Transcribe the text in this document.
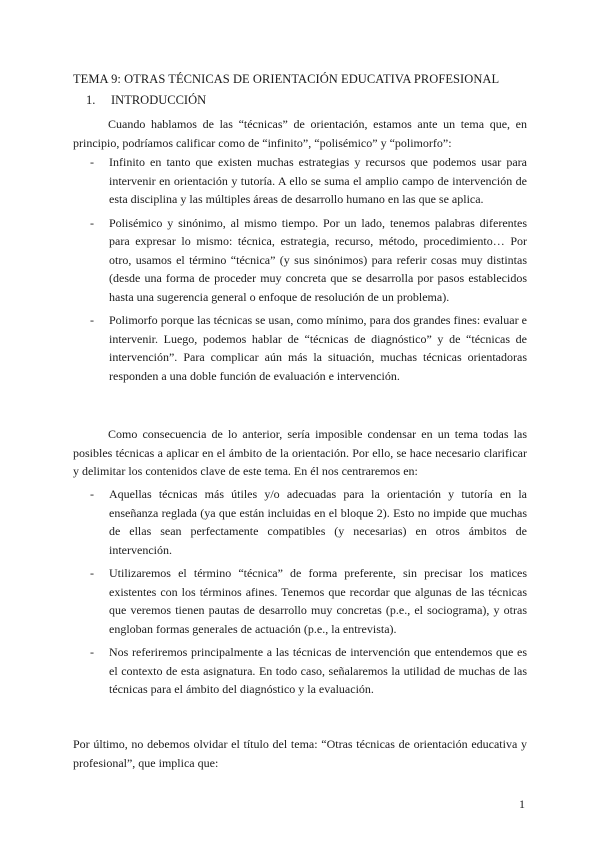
TEMA 9: OTRAS TÉCNICAS DE ORIENTACIÓN EDUCATIVA PROFESIONAL
1. INTRODUCCIÓN
Cuando hablamos de las “técnicas” de orientación, estamos ante un tema que, en principio, podríamos calificar como de “infinito”, “polisémico” y “polimorfo”:
- Infinito en tanto que existen muchas estrategias y recursos que podemos usar para intervenir en orientación y tutoría. A ello se suma el amplio campo de intervención de esta disciplina y las múltiples áreas de desarrollo humano en las que se aplica.
- Polisémico y sinónimo, al mismo tiempo. Por un lado, tenemos palabras diferentes para expresar lo mismo: técnica, estrategia, recurso, método, procedimiento… Por otro, usamos el término “técnica” (y sus sinónimos) para referir cosas muy distintas (desde una forma de proceder muy concreta que se desarrolla por pasos establecidos hasta una sugerencia general o enfoque de resolución de un problema).
- Polimorfo porque las técnicas se usan, como mínimo, para dos grandes fines: evaluar e intervenir. Luego, podemos hablar de “técnicas de diagnóstico” y de “técnicas de intervención”. Para complicar aún más la situación, muchas técnicas orientadoras responden a una doble función de evaluación e intervención.
Como consecuencia de lo anterior, sería imposible condensar en un tema todas las posibles técnicas a aplicar en el ámbito de la orientación. Por ello, se hace necesario clarificar y delimitar los contenidos clave de este tema. En él nos centraremos en:
- Aquellas técnicas más útiles y/o adecuadas para la orientación y tutoría en la enseñanza reglada (ya que están incluidas en el bloque 2). Esto no impide que muchas de ellas sean perfectamente compatibles (y necesarias) en otros ámbitos de intervención.
- Utilizaremos el término “técnica” de forma preferente, sin precisar los matices existentes con los términos afines. Tenemos que recordar que algunas de las técnicas que veremos tienen pautas de desarrollo muy concretas (p.e., el sociograma), y otras engloban formas generales de actuación (p.e., la entrevista).
- Nos referiremos principalmente a las técnicas de intervención que entendemos que es el contexto de esta asignatura. En todo caso, señalaremos la utilidad de muchas de las técnicas para el ámbito del diagnóstico y la evaluación.
Por último, no debemos olvidar el título del tema: “Otras técnicas de orientación educativa y profesional”, que implica que:
1
